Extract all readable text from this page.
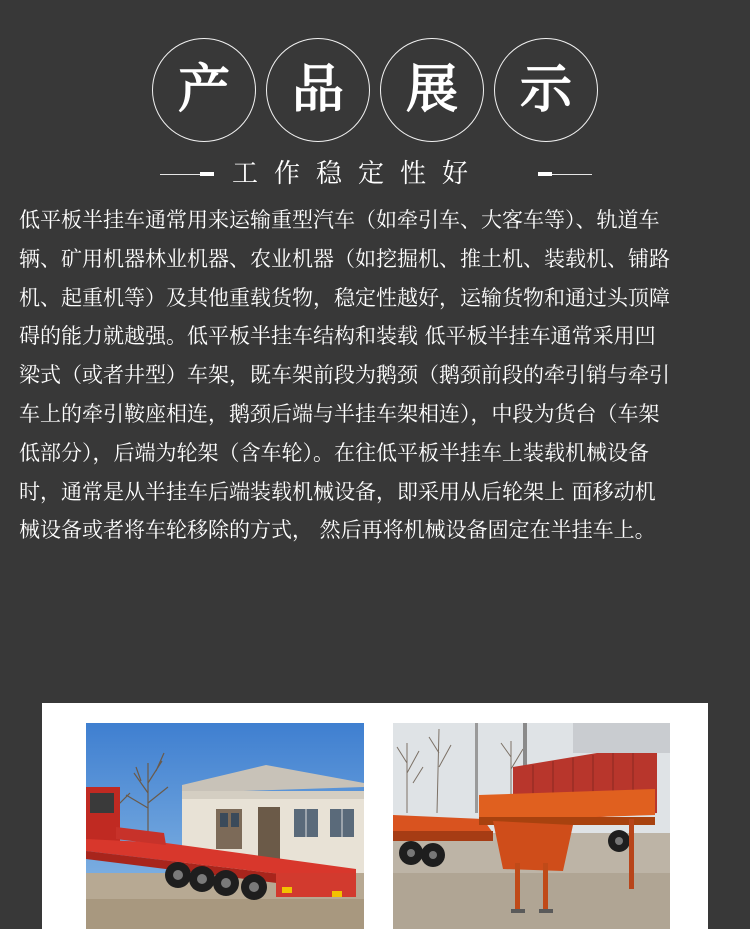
产 品 展 示
工作稳定性好
低平板半挂车通常用来运输重型汽车（如牵引车、大客车等）、轨道车
辆、矿用机器林业机器、农业机器（如挖掘机、推土机、装载机、铺路
机、起重机等）及其他重载货物，稳定性越好，运输货物和通过头顶障
碍的能力就越强。低平板半挂车结构和装载 低平板半挂车通常采用凹
梁式（或者井型）车架，既车架前段为鹅颈（鹅颈前段的牵引销与牵引
车上的牵引鞍座相连，鹅颈后端与半挂车架相连），中段为货台（车架
低部分），后端为轮架（含车轮）。在往低平板半挂车上装载机械设备
时，通常是从半挂车后端装载机械设备，即采用从后轮架上 面移动机
械设备或者将车轮移除的方式， 然后再将机械设备固定在半挂车上。
